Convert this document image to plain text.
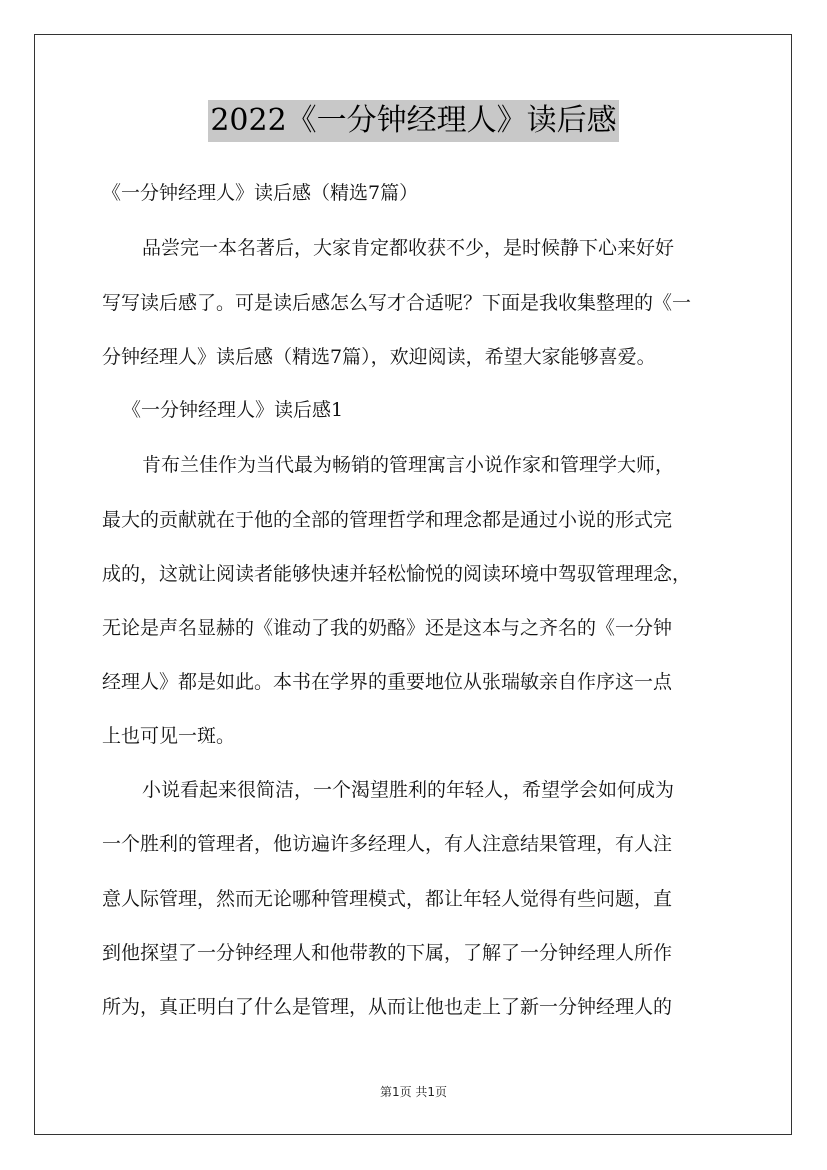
2022《一分钟经理人》读后感
《一分钟经理人》读后感（精选7篇）
品尝完一本名著后，大家肯定都收获不少，是时候静下心来好好
写写读后感了。可是读后感怎么写才合适呢？下面是我收集整理的《一
分钟经理人》读后感（精选7篇），欢迎阅读，希望大家能够喜爱。
《一分钟经理人》读后感1
肯布兰佳作为当代最为畅销的管理寓言小说作家和管理学大师，
最大的贡献就在于他的全部的管理哲学和理念都是通过小说的形式完
成的，这就让阅读者能够快速并轻松愉悦的阅读环境中驾驭管理理念，
无论是声名显赫的《谁动了我的奶酪》还是这本与之齐名的《一分钟
经理人》都是如此。本书在学界的重要地位从张瑞敏亲自作序这一点
上也可见一斑。
小说看起来很简洁，一个渴望胜利的年轻人，希望学会如何成为
一个胜利的管理者，他访遍许多经理人，有人注意结果管理，有人注
意人际管理，然而无论哪种管理模式，都让年轻人觉得有些问题，直
到他探望了一分钟经理人和他带教的下属，了解了一分钟经理人所作
所为，真正明白了什么是管理，从而让他也走上了新一分钟经理人的
第1页 共1页
